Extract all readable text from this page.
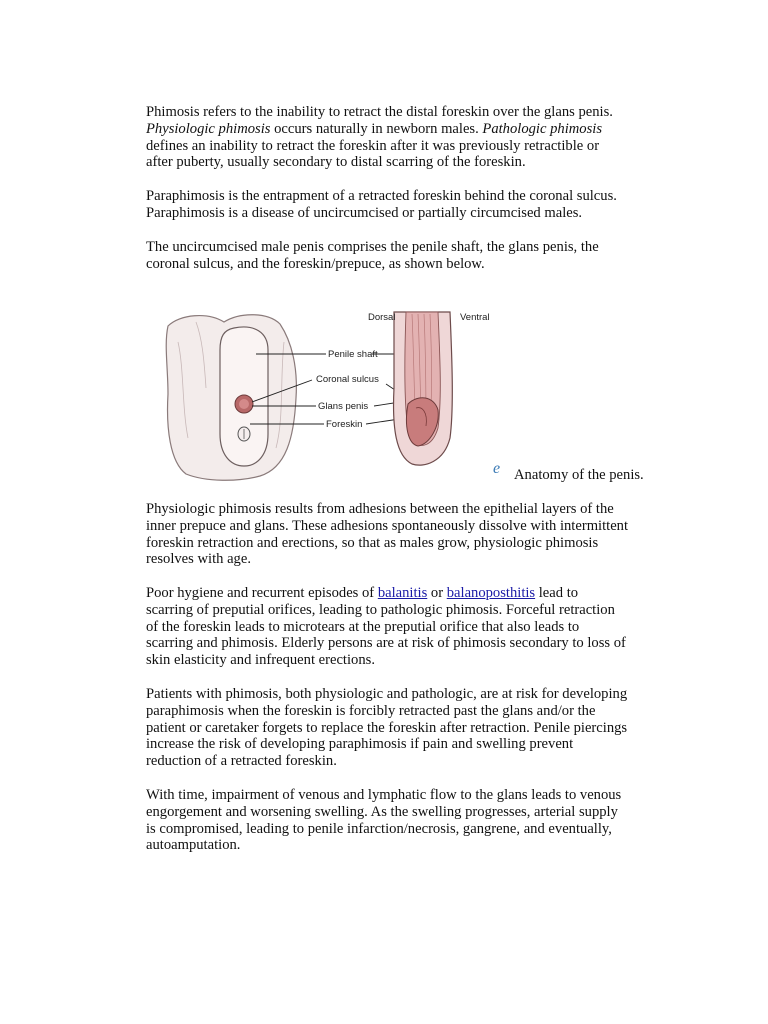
Phimosis refers to the inability to retract the distal foreskin over the glans penis.
Physiologic phimosis occurs naturally in newborn males. Pathologic phimosis
defines an inability to retract the foreskin after it was previously retractible or
after puberty, usually secondary to distal scarring of the foreskin.

Paraphimosis is the entrapment of a retracted foreskin behind the coronal sulcus.
Paraphimosis is a disease of uncircumcised or partially circumcised males.

The uncircumcised male penis comprises the penile shaft, the glans penis, the
coronal sulcus, and the foreskin/prepuce, as shown below.

Dorsal	Ventral
Penile shaft
Coronal sulcus
Glans penis
Foreskin
e Anatomy of the penis.

Physiologic phimosis results from adhesions between the epithelial layers of the
inner prepuce and glans. These adhesions spontaneously dissolve with intermittent
foreskin retraction and erections, so that as males grow, physiologic phimosis
resolves with age.

Poor hygiene and recurrent episodes of balanitis or balanoposthitis lead to
scarring of preputial orifices, leading to pathologic phimosis. Forceful retraction
of the foreskin leads to microtears at the preputial orifice that also leads to
scarring and phimosis. Elderly persons are at risk of phimosis secondary to loss of
skin elasticity and infrequent erections.

Patients with phimosis, both physiologic and pathologic, are at risk for developing
paraphimosis when the foreskin is forcibly retracted past the glans and/or the
patient or caretaker forgets to replace the foreskin after retraction. Penile piercings
increase the risk of developing paraphimosis if pain and swelling prevent
reduction of a retracted foreskin.

With time, impairment of venous and lymphatic flow to the glans leads to venous
engorgement and worsening swelling. As the swelling progresses, arterial supply
is compromised, leading to penile infarction/necrosis, gangrene, and eventually,
autoamputation.
